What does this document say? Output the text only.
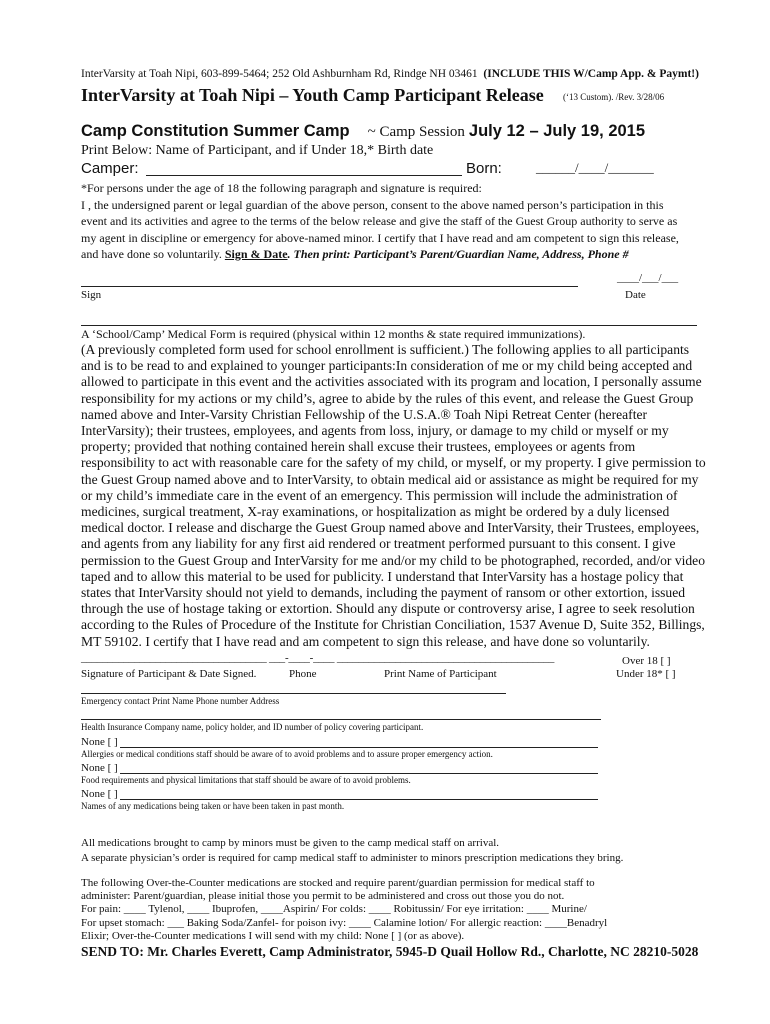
InterVarsity at Toah Nipi, 603-899-5464; 252 Old Ashburnham Rd, Rindge NH 03461 (INCLUDE THIS W/Camp App. & Paymt!)
InterVarsity at Toah Nipi – Youth Camp Participant Release (‘13 Custom). /Rev. 3/28/06
Camp Constitution Summer Camp ~ Camp Session July 12 – July 19, 2015
Print Below: Name of Participant, and if Under 18,* Birth date
Camper:	Born:	______/____/_______
*For persons under the age of 18 the following paragraph and signature is required:
I , the undersigned parent or legal guardian of the above person, consent to the above named person’s participation in this
event and its activities and agree to the terms of the below release and give the staff of the Guest Group authority to serve as
my agent in discipline or emergency for above-named minor. I certify that I have read and am competent to sign this release,
and have done so voluntarily. Sign & Date. Then print: Participant’s Parent/Guardian Name, Address, Phone #
____/___/___
Sign	Date
A ‘School/Camp’ Medical Form is required (physical within 12 months & state required immunizations).
(A previously completed form used for school enrollment is sufficient.) The following applies to all participants
and is to be read to and explained to younger participants:In consideration of me or my child being accepted and
allowed to participate in this event and the activities associated with its program and location, I personally assume
responsibility for my actions or my child’s, agree to abide by the rules of this event, and release the Guest Group
named above and Inter-Varsity Christian Fellowship of the U.S.A.® Toah Nipi Retreat Center (hereafter
InterVarsity); their trustees, employees, and agents from loss, injury, or damage to my child or myself or my
property; provided that nothing contained herein shall excuse their trustees, employees or agents from
responsibility to act with reasonable care for the safety of my child, or myself, or my property. I give permission to
the Guest Group named above and to InterVarsity, to obtain medical aid or assistance as might be required for my
or my child’s immediate care in the event of an emergency. This permission will include the administration of
medicines, surgical treatment, X-ray examinations, or hospitalization as might be ordered by a duly licensed
medical doctor. I release and discharge the Guest Group named above and InterVarsity, their Trustees, employees,
and agents from any liability for any first aid rendered or treatment performed pursuant to this consent. I give
permission to the Guest Group and InterVarsity for me and/or my child to be photographed, recorded, and/or video
taped and to allow this material to be used for publicity. I understand that InterVarsity has a hostage policy that
states that InterVarsity should not yield to demands, including the payment of ransom or other extortion, issued
through the use of hostage taking or extortion. Should any dispute or controversy arise, I agree to seek resolution
according to the Rules of Procedure of the Institute for Christian Conciliation, 1537 Avenue D, Suite 352, Billings,
MT 59102. I certify that I have read and am competent to sign this release, and have done so voluntarily.
___________________________________ ___-____-____ _________________________________________	Over 18 [ ]
Signature of Participant & Date Signed.	Phone	Print Name of Participant	Under 18* [ ]
Emergency contact Print Name Phone number Address
Health Insurance Company name, policy holder, and ID number of policy covering participant.
None [ ]
Allergies or medical conditions staff should be aware of to avoid problems and to assure proper emergency action.
None [ ]
Food requirements and physical limitations that staff should be aware of to avoid problems.
None [ ]
Names of any medications being taken or have been taken in past month.
All medications brought to camp by minors must be given to the camp medical staff on arrival.
A separate physician’s order is required for camp medical staff to administer to minors prescription medications they bring.
The following Over-the-Counter medications are stocked and require parent/guardian permission for medical staff to
administer: Parent/guardian, please initial those you permit to be administered and cross out those you do not.
For pain: ____ Tylenol, ____ Ibuprofen, ____Aspirin/ For colds: ____ Robitussin/ For eye irritation: ____ Murine/
For upset stomach: ___ Baking Soda/Zanfel- for poison ivy: ____ Calamine lotion/ For allergic reaction: ____Benadryl
Elixir; Over-the-Counter medications I will send with my child: None [ ] (or as above).
SEND TO: Mr. Charles Everett, Camp Administrator, 5945-D Quail Hollow Rd., Charlotte, NC 28210-5028
